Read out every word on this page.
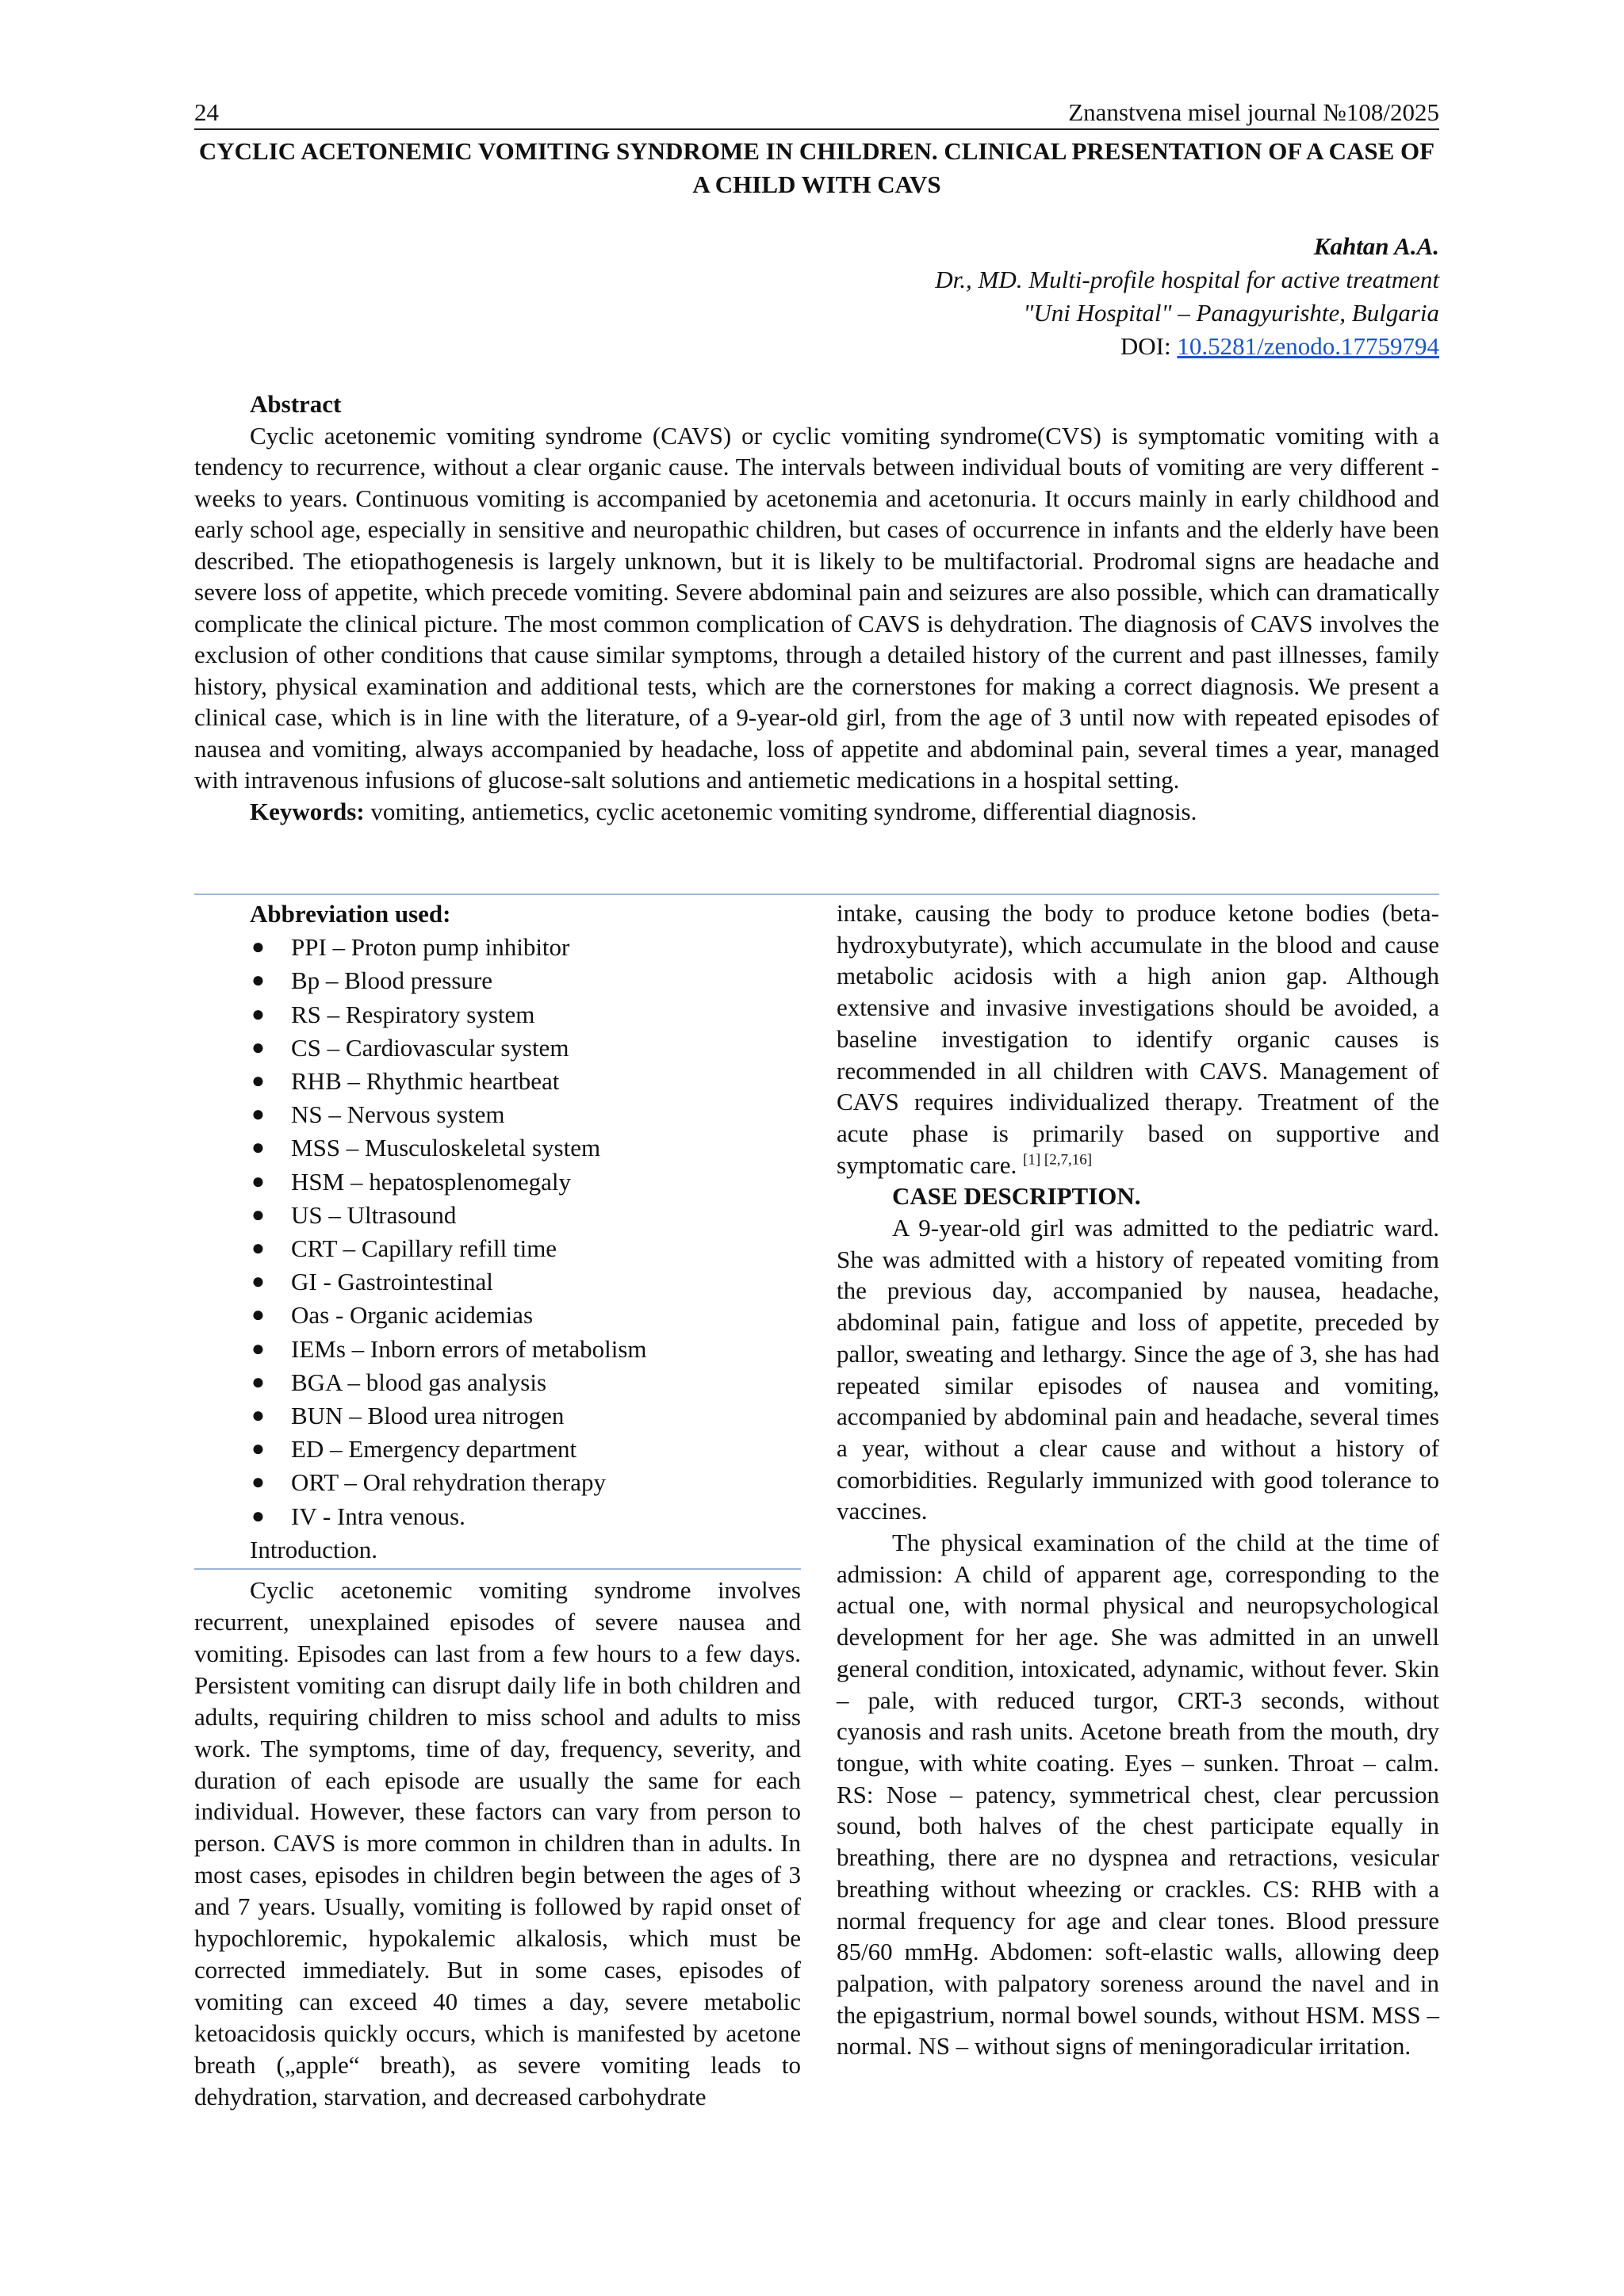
24	Znanstvena misel journal №108/2025
CYCLIC ACETONEMIC VOMITING SYNDROME IN CHILDREN. CLINICAL PRESENTATION OF A CASE OF A CHILD WITH CAVS
Kahtan A.A.
Dr., MD. Multi-profile hospital for active treatment
"Uni Hospital" – Panagyurishte, Bulgaria
DOI: 10.5281/zenodo.17759794
Abstract

Cyclic acetonemic vomiting syndrome (CAVS) or cyclic vomiting syndrome(CVS) is symptomatic vomiting with a tendency to recurrence, without a clear organic cause. The intervals between individual bouts of vomiting are very different - weeks to years. Continuous vomiting is accompanied by acetonemia and acetonuria. It occurs mainly in early childhood and early school age, especially in sensitive and neuropathic children, but cases of occurrence in infants and the elderly have been described. The etiopathogenesis is largely unknown, but it is likely to be multifactorial. Prodromal signs are headache and severe loss of appetite, which precede vomiting. Severe abdominal pain and seizures are also possible, which can dramatically complicate the clinical picture. The most common complication of CAVS is dehydration. The diagnosis of CAVS involves the exclusion of other conditions that cause similar symptoms, through a detailed history of the current and past illnesses, family history, physical examination and additional tests, which are the cornerstones for making a correct diagnosis. We present a clinical case, which is in line with the literature, of a 9-year-old girl, from the age of 3 until now with repeated episodes of nausea and vomiting, always accompanied by headache, loss of appetite and abdominal pain, several times a year, managed with intravenous infusions of glucose-salt solutions and antiemetic medications in a hospital setting.

Keywords: vomiting, antiemetics, cyclic acetonemic vomiting syndrome, differential diagnosis.

Abbreviation used:
● PPI – Proton pump inhibitor
● Bp – Blood pressure
● RS – Respiratory system
● CS – Cardiovascular system
● RHB – Rhythmic heartbeat
● NS – Nervous system
● MSS – Musculoskeletal system
● HSM – hepatosplenomegaly
● US – Ultrasound
● CRT – Capillary refill time
● GI - Gastrointestinal
● Oas - Organic acidemias
● IEMs – Inborn errors of metabolism
● BGA – blood gas analysis
● BUN – Blood urea nitrogen
● ED – Emergency department
● ORT – Oral rehydration therapy
● IV - Intra venous.
Introduction.

Cyclic acetonemic vomiting syndrome involves recurrent, unexplained episodes of severe nausea and vomiting. Episodes can last from a few hours to a few days. Persistent vomiting can disrupt daily life in both children and adults, requiring children to miss school and adults to miss work. The symptoms, time of day, frequency, severity, and duration of each episode are usually the same for each individual. However, these factors can vary from person to person. CAVS is more common in children than in adults. In most cases, episodes in children begin between the ages of 3 and 7 years. Usually, vomiting is followed by rapid onset of hypochloremic, hypokalemic alkalosis, which must be corrected immediately. But in some cases, episodes of vomiting can exceed 40 times a day, severe metabolic ketoacidosis quickly occurs, which is manifested by acetone breath („apple“ breath), as severe vomiting leads to dehydration, starvation, and decreased carbohydrate

intake, causing the body to produce ketone bodies (beta-hydroxybutyrate), which accumulate in the blood and cause metabolic acidosis with a high anion gap. Although extensive and invasive investigations should be avoided, a baseline investigation to identify organic causes is recommended in all children with CAVS. Management of CAVS requires individualized therapy. Treatment of the acute phase is primarily based on supportive and symptomatic care. [1] [2,7,16]

CASE DESCRIPTION.

A 9-year-old girl was admitted to the pediatric ward. She was admitted with a history of repeated vomiting from the previous day, accompanied by nausea, headache, abdominal pain, fatigue and loss of appetite, preceded by pallor, sweating and lethargy. Since the age of 3, she has had repeated similar episodes of nausea and vomiting, accompanied by abdominal pain and headache, several times a year, without a clear cause and without a history of comorbidities. Regularly immunized with good tolerance to vaccines.

The physical examination of the child at the time of admission: A child of apparent age, corresponding to the actual one, with normal physical and neuropsychological development for her age. She was admitted in an unwell general condition, intoxicated, adynamic, without fever. Skin – pale, with reduced turgor, CRT-3 seconds, without cyanosis and rash units. Acetone breath from the mouth, dry tongue, with white coating. Eyes – sunken. Throat – calm. RS: Nose – patency, symmetrical chest, clear percussion sound, both halves of the chest participate equally in breathing, there are no dyspnea and retractions, vesicular breathing without wheezing or crackles. CS: RHB with a normal frequency for age and clear tones. Blood pressure 85/60 mmHg. Abdomen: soft-elastic walls, allowing deep palpation, with palpatory soreness around the navel and in the epigastrium, normal bowel sounds, without HSM. MSS – normal. NS – without signs of meningoradicular irritation.
